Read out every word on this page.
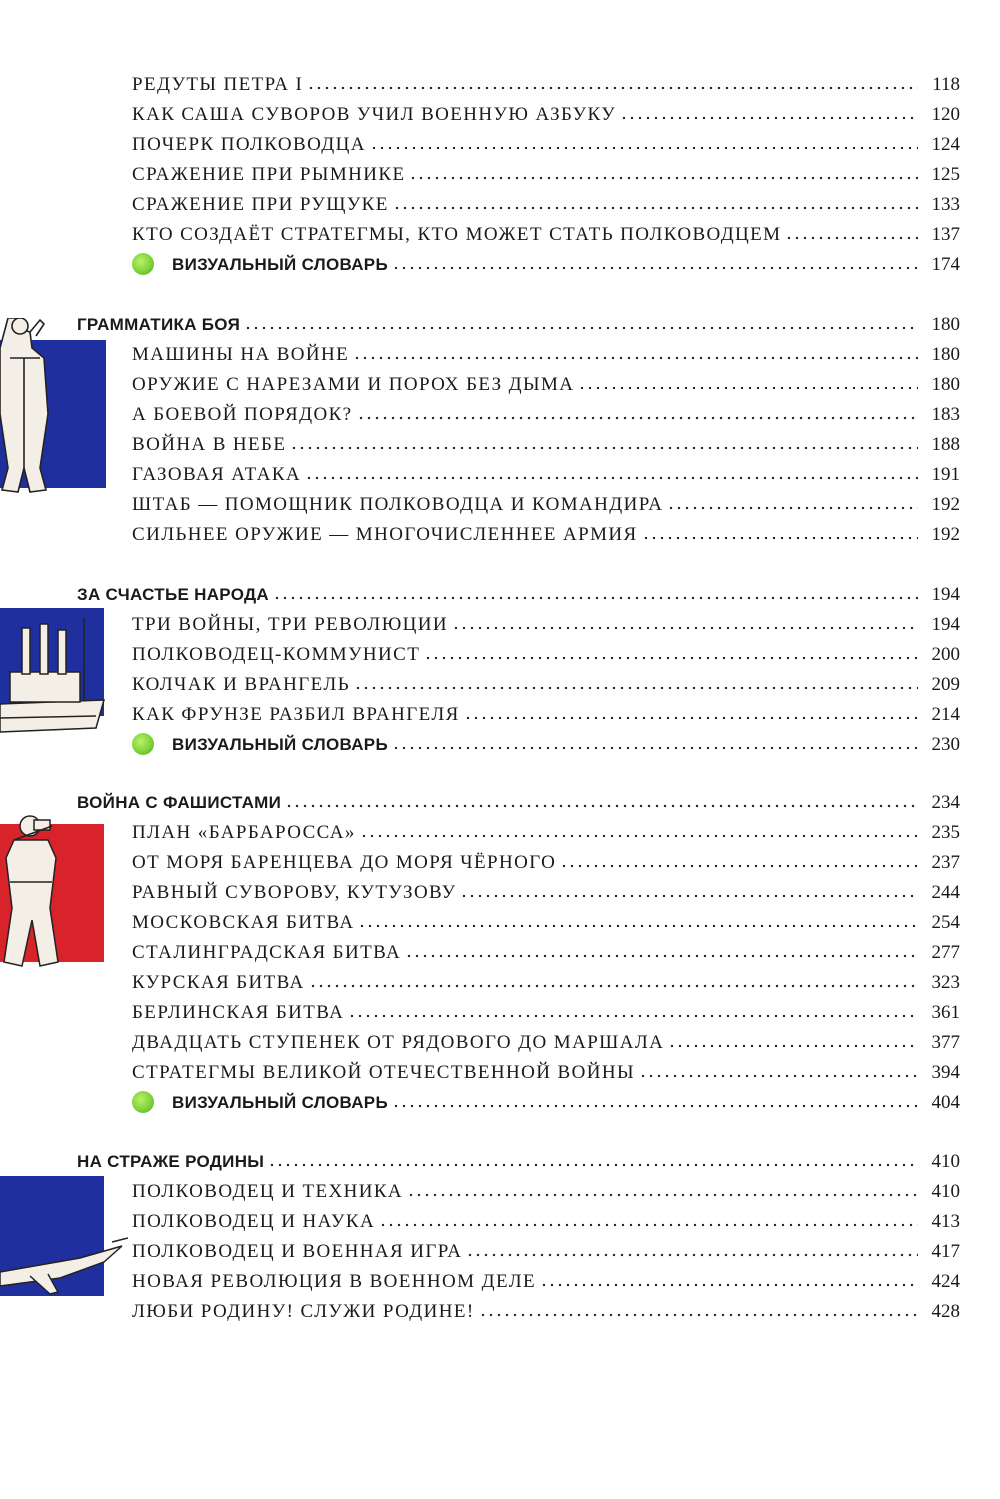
РЕДУТЫ ПЕТРА I	118
КАК САША СУВОРОВ УЧИЛ ВОЕННУЮ АЗБУКУ	120
ПОЧЕРК ПОЛКОВОДЦА	124
СРАЖЕНИЕ ПРИ РЫМНИКЕ	125
СРАЖЕНИЕ ПРИ РУЩУКЕ	133
КТО СОЗДАЁТ СТРАТЕГМЫ, КТО МОЖЕТ СТАТЬ ПОЛКОВОДЦЕМ	137
ВИЗУАЛЬНЫЙ СЛОВАРЬ	174
ГРАММАТИКА БОЯ	180
МАШИНЫ НА ВОЙНЕ	180
ОРУЖИЕ С НАРЕЗАМИ И ПОРОХ БЕЗ ДЫМА	180
А БОЕВОЙ ПОРЯДОК?	183
ВОЙНА В НЕБЕ	188
ГАЗОВАЯ АТАКА	191
ШТАБ — ПОМОЩНИК ПОЛКОВОДЦА И КОМАНДИРА	192
СИЛЬНЕЕ ОРУЖИЕ — МНОГОЧИСЛЕННЕЕ АРМИЯ	192
ЗА СЧАСТЬЕ НАРОДА	194
ТРИ ВОЙНЫ, ТРИ РЕВОЛЮЦИИ	194
ПОЛКОВОДЕЦ-КОММУНИСТ	200
КОЛЧАК И ВРАНГЕЛЬ	209
КАК ФРУНЗЕ РАЗБИЛ ВРАНГЕЛЯ	214
ВИЗУАЛЬНЫЙ СЛОВАРЬ	230
ВОЙНА С ФАШИСТАМИ	234
ПЛАН «БАРБАРОССА»	235
ОТ МОРЯ БАРЕНЦЕВА ДО МОРЯ ЧЁРНОГО	237
РАВНЫЙ СУВОРОВУ, КУТУЗОВУ	244
МОСКОВСКАЯ БИТВА	254
СТАЛИНГРАДСКАЯ БИТВА	277
КУРСКАЯ БИТВА	323
БЕРЛИНСКАЯ БИТВА	361
ДВАДЦАТЬ СТУПЕНЕК ОТ РЯДОВОГО ДО МАРШАЛА	377
СТРАТЕГМЫ ВЕЛИКОЙ ОТЕЧЕСТВЕННОЙ ВОЙНЫ	394
ВИЗУАЛЬНЫЙ СЛОВАРЬ	404
НА СТРАЖЕ РОДИНЫ	410
ПОЛКОВОДЕЦ И ТЕХНИКА	410
ПОЛКОВОДЕЦ И НАУКА	413
ПОЛКОВОДЕЦ И ВОЕННАЯ ИГРА	417
НОВАЯ РЕВОЛЮЦИЯ В ВОЕННОМ ДЕЛЕ	424
ЛЮБИ РОДИНУ! СЛУЖИ РОДИНЕ!	428
